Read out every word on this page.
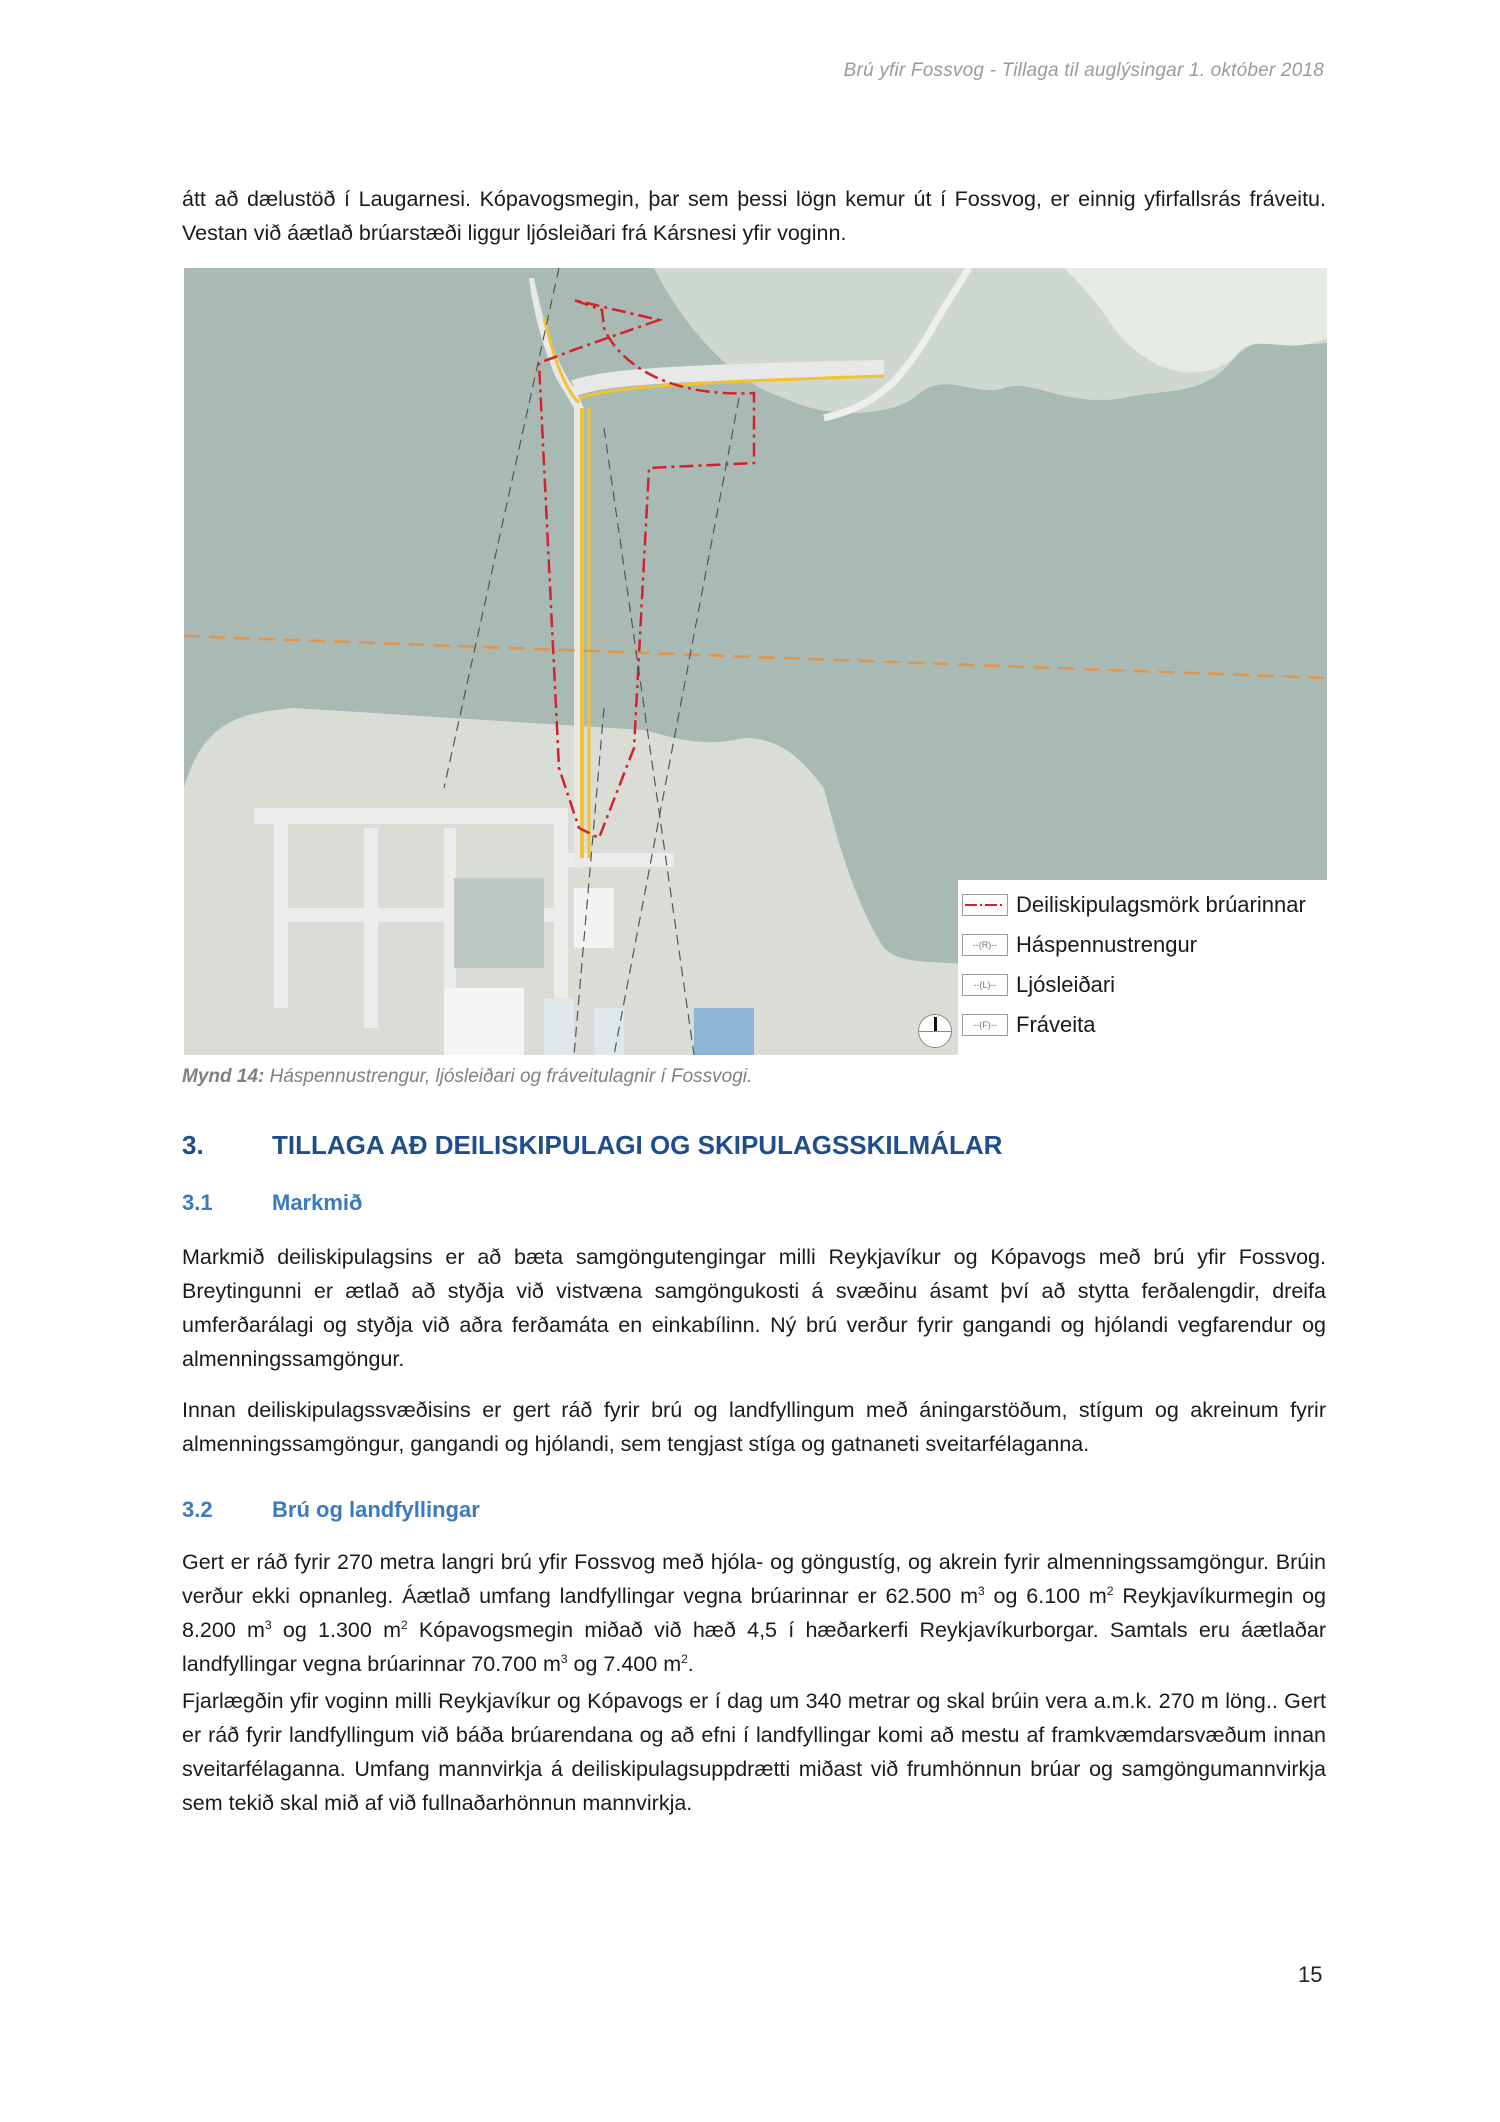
Brú yfir Fossvog - Tillaga til auglýsingar 1. október 2018
átt að dælustöð í Laugarnesi. Kópavogsmegin, þar sem þessi lögn kemur út í Fossvog, er einnig yfirfallsrás fráveitu. Vestan við áætlað brúarstæði liggur ljósleiðari frá Kársnesi yfir voginn.
Deiliskipulagsmörk brúarinnar
--(R)-- Háspennustrengur
--(L)-- Ljósleiðari
--(F)-- Fráveita
Mynd 14: Háspennustrengur, ljósleiðari og fráveitulagnir í Fossvogi.
3.	TILLAGA AÐ DEILISKIPULAGI OG SKIPULAGSSKILMÁLAR
3.1	Markmið
Markmið deiliskipulagsins er að bæta samgöngutengingar milli Reykjavíkur og Kópavogs með brú yfir Fossvog. Breytingunni er ætlað að styðja við vistvæna samgöngukosti á svæðinu ásamt því að stytta ferðalengdir, dreifa umferðarálagi og styðja við aðra ferðamáta en einkabílinn. Ný brú verður fyrir gangandi og hjólandi vegfarendur og almenningssamgöngur.
Innan deiliskipulagssvæðisins er gert ráð fyrir brú og landfyllingum með áningarstöðum, stígum og akreinum fyrir almenningssamgöngur, gangandi og hjólandi, sem tengjast stíga og gatnaneti sveitarfélaganna.
3.2	Brú og landfyllingar
Gert er ráð fyrir 270 metra langri brú yfir Fossvog með hjóla- og göngustíg, og akrein fyrir almenningssamgöngur. Brúin verður ekki opnanleg. Áætlað umfang landfyllingar vegna brúarinnar er 62.500 $m^3$ og 6.100 $m^2$ Reykjavíkurmegin og 8.200 $m^3$ og 1.300 $m^2$ Kópavogsmegin miðað við hæð 4,5 í hæðarkerfi Reykjavíkurborgar. Samtals eru áætlaðar landfyllingar vegna brúarinnar 70.700 $m^3$ og 7.400 $m^2$.
Fjarlægðin yfir voginn milli Reykjavíkur og Kópavogs er í dag um 340 metrar og skal brúin vera a.m.k. 270 m löng.. Gert er ráð fyrir landfyllingum við báða brúarendana og að efni í landfyllingar komi að mestu af framkvæmdarsvæðum innan sveitarfélaganna. Umfang mannvirkja á deiliskipulagsuppdrætti miðast við frumhönnun brúar og samgöngumannvirkja sem tekið skal mið af við fullnaðarhönnun mannvirkja.
15
